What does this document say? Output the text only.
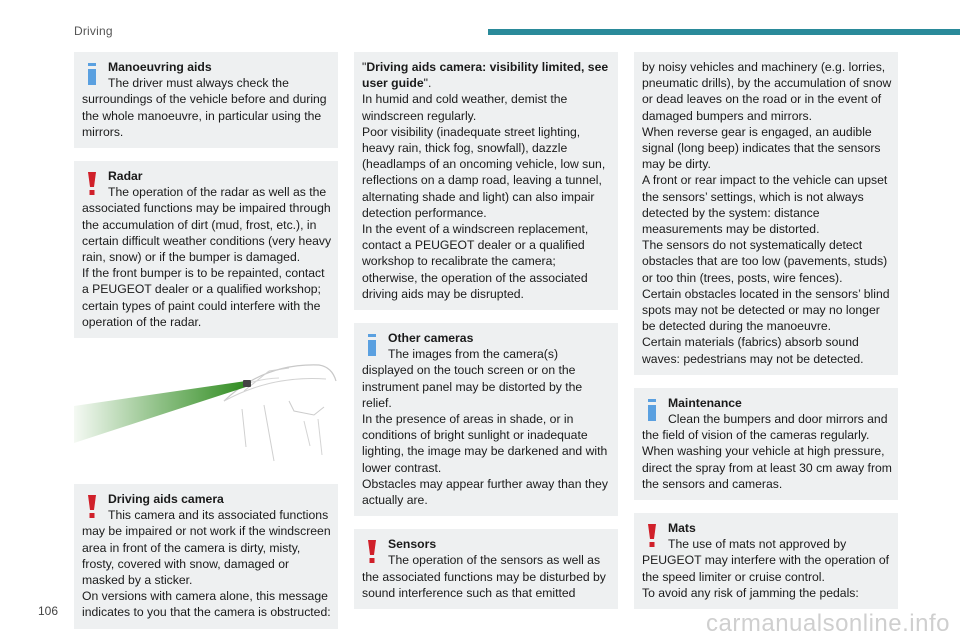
Driving
Manoeuvring aids
The driver must always check the

surroundings of the vehicle before and during the whole manoeuvre, in particular using the mirrors.

Radar
The operation of the radar as well as the

associated functions may be impaired through the accumulation of dirt (mud, frost, etc.), in certain difficult weather conditions (very heavy rain, snow) or if the bumper is damaged.

If the front bumper is to be repainted, contact a PEUGEOT dealer or a qualified workshop; certain types of paint could interfere with the operation of the radar.

Driving aids camera
This camera and its associated functions

may be impaired or not work if the windscreen area in front of the camera is dirty, misty, frosty, covered with snow, damaged or masked by a sticker.

On versions with camera alone, this message indicates to you that the camera is obstructed:

"Driving aids camera: visibility limited, see user guide".

In humid and cold weather, demist the windscreen regularly.

Poor visibility (inadequate street lighting, heavy rain, thick fog, snowfall), dazzle (headlamps of an oncoming vehicle, low sun, reflections on a damp road, leaving a tunnel, alternating shade and light) can also impair detection performance.

In the event of a windscreen replacement, contact a PEUGEOT dealer or a qualified workshop to recalibrate the camera; otherwise, the operation of the associated driving aids may be disrupted.

Other cameras
The images from the camera(s)

displayed on the touch screen or on the instrument panel may be distorted by the relief.

In the presence of areas in shade, or in conditions of bright sunlight or inadequate lighting, the image may be darkened and with lower contrast.

Obstacles may appear further away than they actually are.

Sensors
The operation of the sensors as well as

the associated functions may be disturbed by sound interference such as that emitted

by noisy vehicles and machinery (e.g. lorries, pneumatic drills), by the accumulation of snow or dead leaves on the road or in the event of damaged bumpers and mirrors.

When reverse gear is engaged, an audible signal (long beep) indicates that the sensors may be dirty.

A front or rear impact to the vehicle can upset the sensors’ settings, which is not always detected by the system: distance measurements may be distorted.

The sensors do not systematically detect obstacles that are too low (pavements, studs) or too thin (trees, posts, wire fences).

Certain obstacles located in the sensors’ blind spots may not be detected or may no longer be detected during the manoeuvre.

Certain materials (fabrics) absorb sound waves: pedestrians may not be detected.

Maintenance
Clean the bumpers and door mirrors and

the field of vision of the cameras regularly.

When washing your vehicle at high pressure, direct the spray from at least 30 cm away from the sensors and cameras.

Mats
The use of mats not approved by

PEUGEOT may interfere with the operation of the speed limiter or cruise control.

To avoid any risk of jamming the pedals:

106	carmanualsonline.info
